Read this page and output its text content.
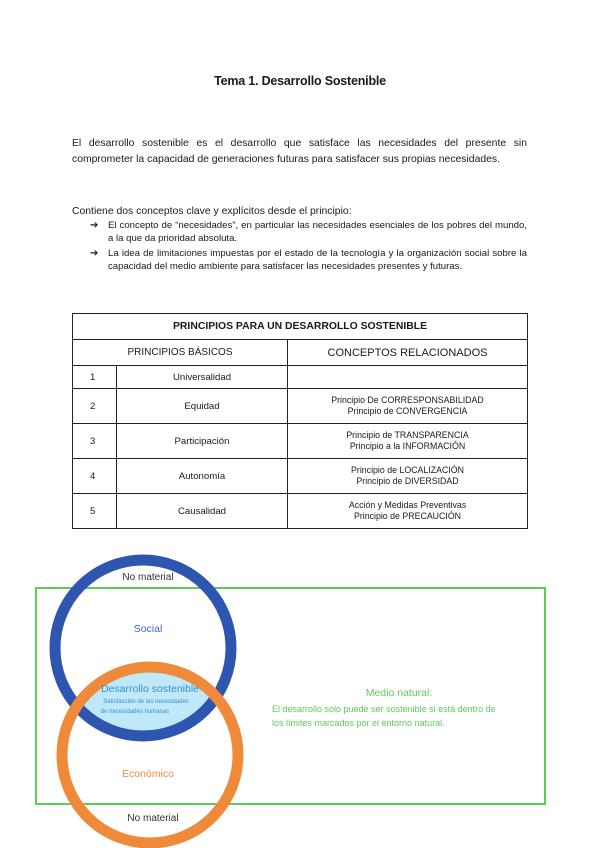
Tema 1. Desarrollo Sostenible

El desarrollo sostenible es el desarrollo que satisface las necesidades del presente sin comprometer la capacidad de generaciones futuras para satisfacer sus propias necesidades.

Contiene dos conceptos clave y explícitos desde el principio:

➔ El concepto de “necesidades”, en particular las necesidades esenciales de los pobres del mundo, a la que da prioridad absoluta.
➔ La idea de limitaciones impuestas por el estado de la tecnología y la organización social sobre la capacidad del medio ambiente para satisfacer las necesidades presentes y futuras.
PRINCIPIOS PARA UN DESARROLLO SOSTENIBLE		
PRINCIPIOS BÁSICOS		CONCEPTOS RELACIONADOS
1	Universalidad	
2	Equidad	Principio De CORRESPONSABILIDAD
Principio de CONVERGENCIA

3	Participación	Principio de TRANSPARENCIA
Principio a la INFORMACIÓN

4	Autonomía	Principio de LOCALIZACIÓN
Principio de DIVERSIDAD

5	Causalidad	Acción y Medidas Preventivas
Principio de PRECAUCIÓN
No material
Social
Desarrollo sostenible
Satisfacción de las necesidades
de necesidades humanas
Económico
No material
Medio natural:
El desarrollo solo puede ser sostenible si está dentro de
los límites marcados por el entorno natural.
